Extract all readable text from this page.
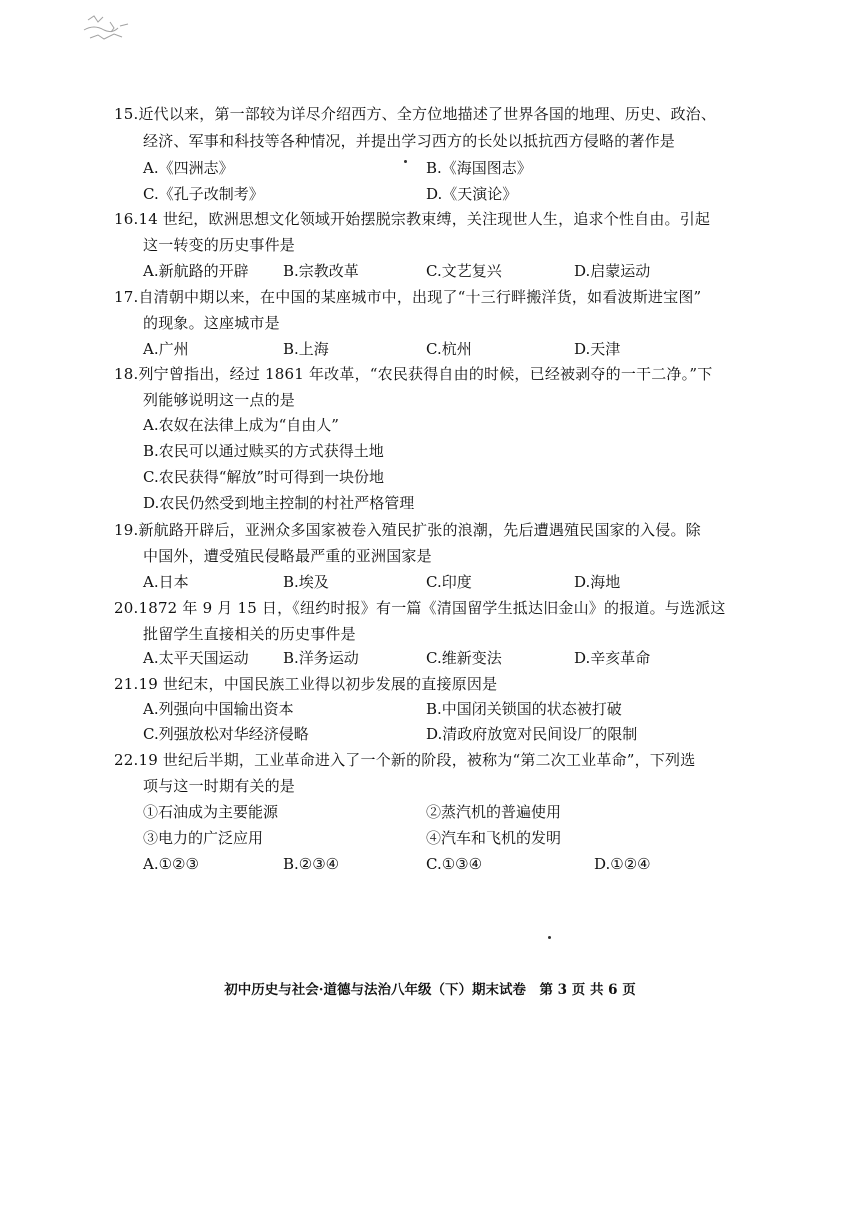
15.近代以来，第一部较为详尽介绍西方、全方位地描述了世界各国的地理、历史、政治、
经济、军事和科技等各种情况，并提出学习西方的长处以抵抗西方侵略的著作是
A.《四洲志》	B.《海国图志》
C.《孔子改制考》	D.《天演论》
16.14 世纪，欧洲思想文化领域开始摆脱宗教束缚，关注现世人生，追求个性自由。引起
这一转变的历史事件是
A.新航路的开辟 B.宗教改革	C.文艺复兴	D.启蒙运动
17.自清朝中期以来，在中国的某座城市中，出现了“十三行畔搬洋货，如看波斯进宝图”
的现象。这座城市是
A.广州	B.上海	C.杭州	D.天津
18.列宁曾指出，经过 1861 年改革，“农民获得自由的时候，已经被剥夺的一干二净。”下
列能够说明这一点的是
A.农奴在法律上成为“自由人”
B.农民可以通过赎买的方式获得土地
C.农民获得“解放”时可得到一块份地
D.农民仍然受到地主控制的村社严格管理
19.新航路开辟后，亚洲众多国家被卷入殖民扩张的浪潮，先后遭遇殖民国家的入侵。除
中国外，遭受殖民侵略最严重的亚洲国家是
A.日本	B.埃及	C.印度	D.海地
20.1872 年 9 月 15 日，《纽约时报》有一篇《清国留学生抵达旧金山》的报道。与选派这
批留学生直接相关的历史事件是
A.太平天国运动 B.洋务运动	C.维新变法	D.辛亥革命
21.19 世纪末，中国民族工业得以初步发展的直接原因是
A.列强向中国输出资本	B.中国闭关锁国的状态被打破
C.列强放松对华经济侵略	D.清政府放宽对民间设厂的限制
22.19 世纪后半期，工业革命进入了一个新的阶段，被称为“第二次工业革命”，下列选
项与这一时期有关的是
①石油成为主要能源	②蒸汽机的普遍使用
③电力的广泛应用	④汽车和飞机的发明
A.①②③	B.②③④	C.①③④	D.①②④
初中历史与社会·道德与法治八年级（下）期末试卷　第 3 页 共 6 页
